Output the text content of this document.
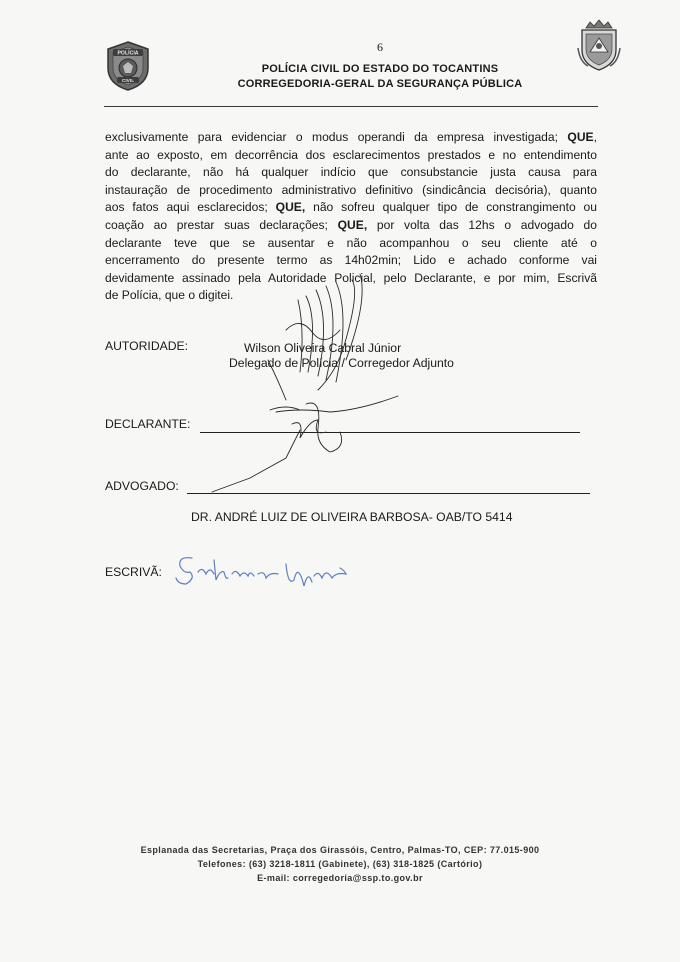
POLÍCIA
CIVIL
6
POLÍCIA CIVIL DO ESTADO DO TOCANTINS
CORREGEDORIA-GERAL DA SEGURANÇA PÚBLICA
exclusivamente para evidenciar o modus operandi da empresa investigada; QUE,
ante ao exposto, em decorrência dos esclarecimentos prestados e no entendimento
do declarante, não há qualquer indício que consubstancie justa causa para
instauração de procedimento administrativo definitivo (sindicância decisória), quanto
aos fatos aqui esclarecidos; QUE, não sofreu qualquer tipo de constrangimento ou
coação ao prestar suas declarações; QUE, por volta das 12hs o advogado do
declarante teve que se ausentar e não acompanhou o seu cliente até o
encerramento do presente termo as 14h02min; Lido e achado conforme vai
devidamente assinado pela Autoridade Policial, pelo Declarante, e por mim, Escrivã
de Polícia, que o digitei.
AUTORIDADE:	Wilson Oliveira Cabral Júnior
Delegado de Polícia / Corregedor Adjunto
DECLARANTE:
ADVOGADO:
DR. ANDRÉ LUIZ DE OLIVEIRA BARBOSA- OAB/TO 5414
ESCRIVÃ:
Esplanada das Secretarias, Praça dos Girassóis, Centro, Palmas-TO, CEP: 77.015-900
Telefones: (63) 3218-1811 (Gabinete), (63) 318-1825 (Cartório)
E-mail: corregedoria@ssp.to.gov.br
